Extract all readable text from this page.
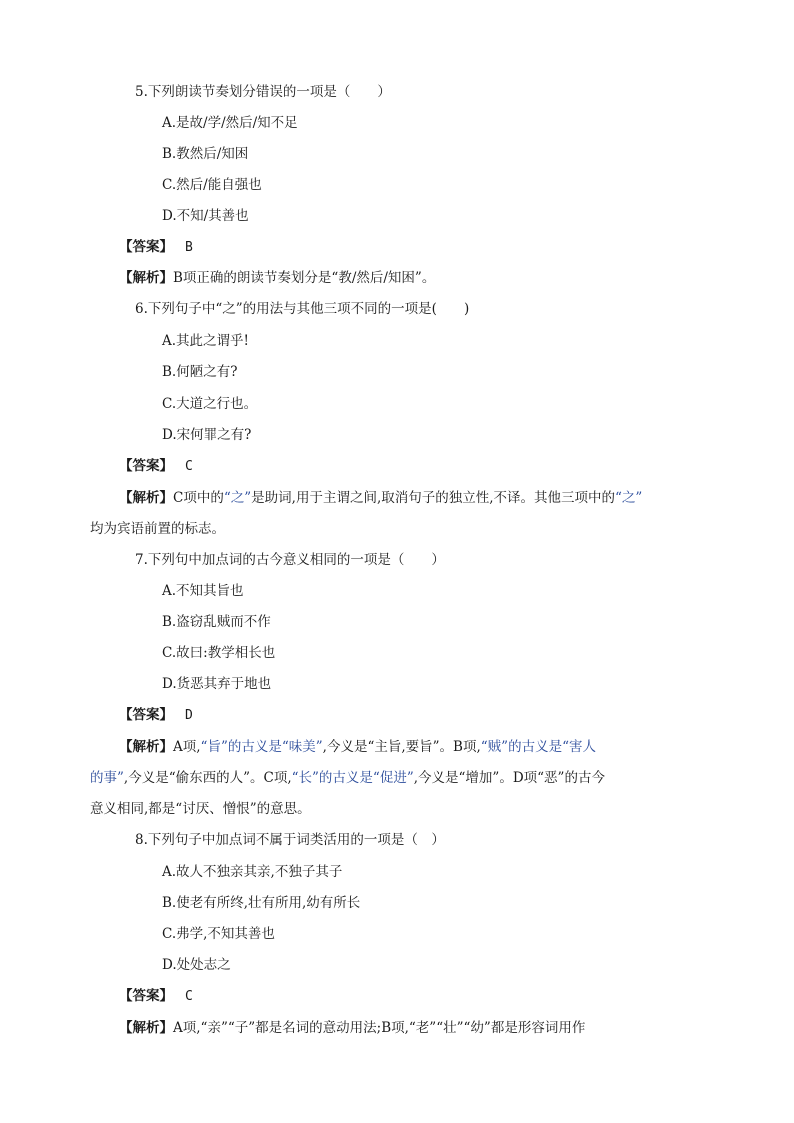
5.下列朗读节奏划分错误的一项是（　　）
A.是故/学/然后/知不足
B.教然后/知困
C.然后/能自强也
D.不知/其善也
【答案】 B
【解析】B项正确的朗读节奏划分是“教/然后/知困”。
6.下列句子中“之”的用法与其他三项不同的一项是(　　)
A.其此之谓乎!
B.何陋之有?
C.大道之行也。
D.宋何罪之有?
【答案】 C
【解析】C项中的“之”是助词,用于主谓之间,取消句子的独立性,不译。其他三项中的“之”
均为宾语前置的标志。
7.下列句中加点词的古今意义相同的一项是（　　）
A.不知其旨也
B.盗窃乱贼而不作
C.故曰:教学相长也
D.货恶其弃于地也
【答案】 D
【解析】A项,“旨”的古义是“味美”,今义是“主旨,要旨”。B项,“贼”的古义是“害人
的事”,今义是“偷东西的人”。C项,“长”的古义是“促进”,今义是“增加”。D项“恶”的古今
意义相同,都是“讨厌、憎恨”的意思。
8.下列句子中加点词不属于词类活用的一项是（　）
A.故人不独亲其亲,不独子其子
B.使老有所终,壮有所用,幼有所长
C.弗学,不知其善也
D.处处志之
【答案】 C
【解析】A项,“亲”“子”都是名词的意动用法;B项,“老”“壮”“幼”都是形容词用作
